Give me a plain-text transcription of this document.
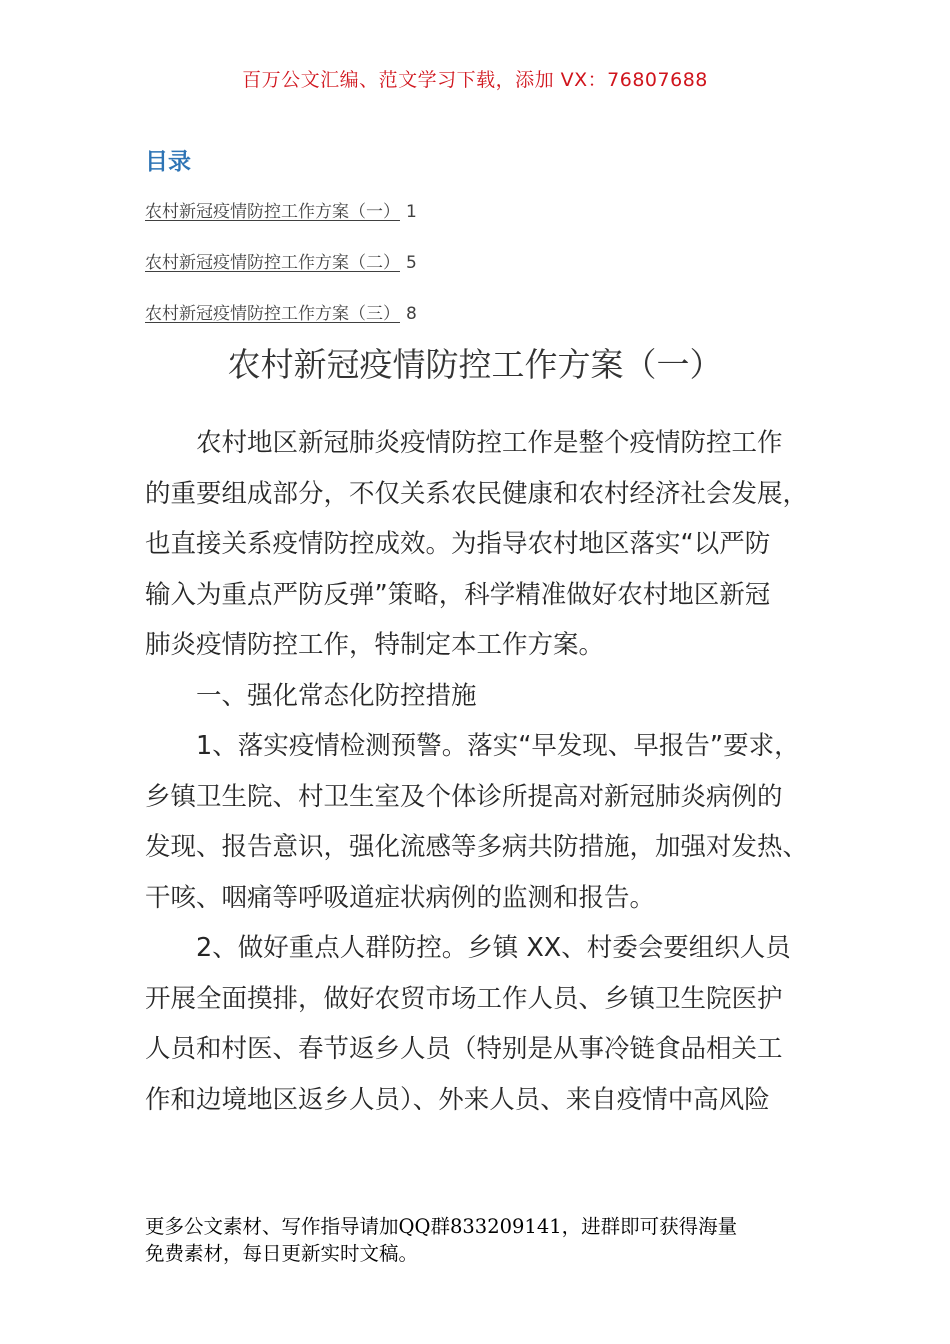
百万公文汇编、范文学习下载，添加 VX：76807688
目录
农村新冠疫情防控工作方案（一） 1
农村新冠疫情防控工作方案（二） 5
农村新冠疫情防控工作方案（三） 8
农村新冠疫情防控工作方案（一）
　　农村地区新冠肺炎疫情防控工作是整个疫情防控工作
的重要组成部分，不仅关系农民健康和农村经济社会发展，
也直接关系疫情防控成效。为指导农村地区落实“以严防
输入为重点严防反弹”策略，科学精准做好农村地区新冠
肺炎疫情防控工作，特制定本工作方案。
　　一、强化常态化防控措施
　　1、落实疫情检测预警。落实“早发现、早报告”要求，
乡镇卫生院、村卫生室及个体诊所提高对新冠肺炎病例的
发现、报告意识，强化流感等多病共防措施，加强对发热、
干咳、咽痛等呼吸道症状病例的监测和报告。
　　2、做好重点人群防控。乡镇 XX、村委会要组织人员
开展全面摸排，做好农贸市场工作人员、乡镇卫生院医护
人员和村医、春节返乡人员（特别是从事冷链食品相关工
作和边境地区返乡人员）、外来人员、来自疫情中高风险
更多公文素材、写作指导请加QQ群833209141，进群即可获得海量
免费素材，每日更新实时文稿。
